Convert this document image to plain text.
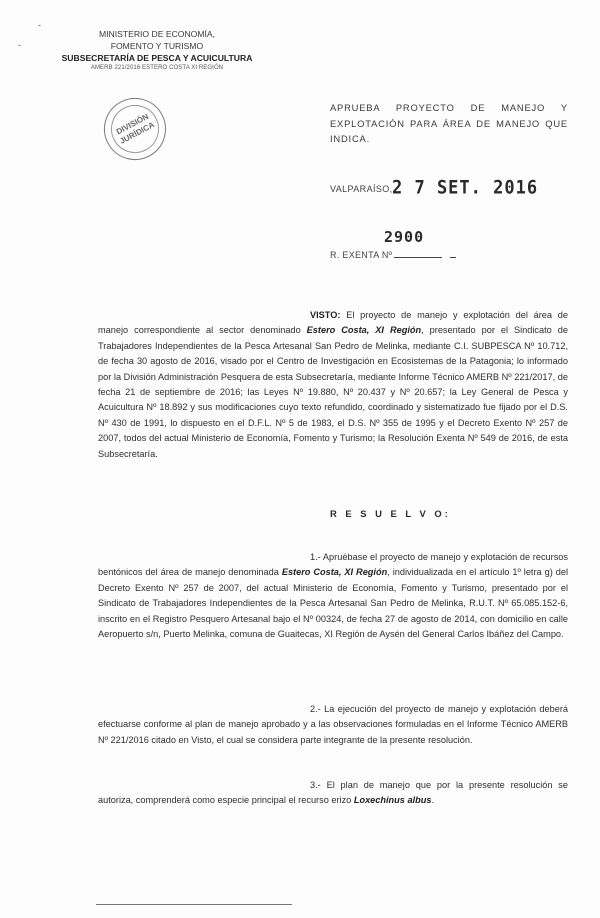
-
-
MINISTERIO DE ECONOMÍA,
FOMENTO Y TURISMO
SUBSECRETARÍA DE PESCA Y ACUICULTURA
AMERB 221/2016 ESTERO COSTA XI REGIÓN
DIVISIÓN JURÍDICA
APRUEBA PROYECTO DE MANEJO Y EXPLOTACIÓN PARA ÁREA DE MANEJO QUE INDICA.
VALPARAÍSO, 2 7 SET. 2016
2900
R. EXENTA Nº
VISTO: El proyecto de manejo y explotación del área de manejo correspondiente al sector denominado Estero Costa, XI Región, presentado por el Sindicato de Trabajadores Independientes de la Pesca Artesanal San Pedro de Melinka, mediante C.I. SUBPESCA Nº 10.712, de fecha 30 agosto de 2016, visado por el Centro de Investigación en Ecosistemas de la Patagonia; lo informado por la División Administración Pesquera de esta Subsecretaría, mediante Informe Técnico AMERB Nº 221/2017, de fecha 21 de septiembre de 2016; las Leyes Nº 19.880, Nº 20.437 y Nº 20.657; la Ley General de Pesca y Acuicultura Nº 18.892 y sus modificaciones cuyo texto refundido, coordinado y sistematizado fue fijado por el D.S. Nº 430 de 1991, lo dispuesto en el D.F.L. Nº 5 de 1983, el D.S. Nº 355 de 1995 y el Decreto Exento Nº 257 de 2007, todos del actual Ministerio de Economía, Fomento y Turismo; la Resolución Exenta Nº 549 de 2016, de esta Subsecretaría.
R E S U E L V O:
1.- Apruébase el proyecto de manejo y explotación de recursos bentónicos del área de manejo denominada Estero Costa, XI Región, individualizada en el artículo 1º letra g) del Decreto Exento Nº 257 de 2007, del actual Ministerio de Economía, Fomento y Turismo, presentado por el Sindicato de Trabajadores Independientes de la Pesca Artesanal San Pedro de Melinka, R.U.T. Nº 65.085.152-6, inscrito en el Registro Pesquero Artesanal bajo el Nº 00324, de fecha 27 de agosto de 2014, con domicilio en calle Aeropuerto s/n, Puerto Melinka, comuna de Guaitecas, XI Región de Aysén del General Carlos Ibáñez del Campo.
2.- La ejecución del proyecto de manejo y explotación deberá efectuarse conforme al plan de manejo aprobado y a las observaciones formuladas en el Informe Técnico AMERB Nº 221/2016 citado en Visto, el cual se considera parte integrante de la presente resolución.
3.- El plan de manejo que por la presente resolución se autoriza, comprenderá como especie principal el recurso erizo Loxechinus albus.
